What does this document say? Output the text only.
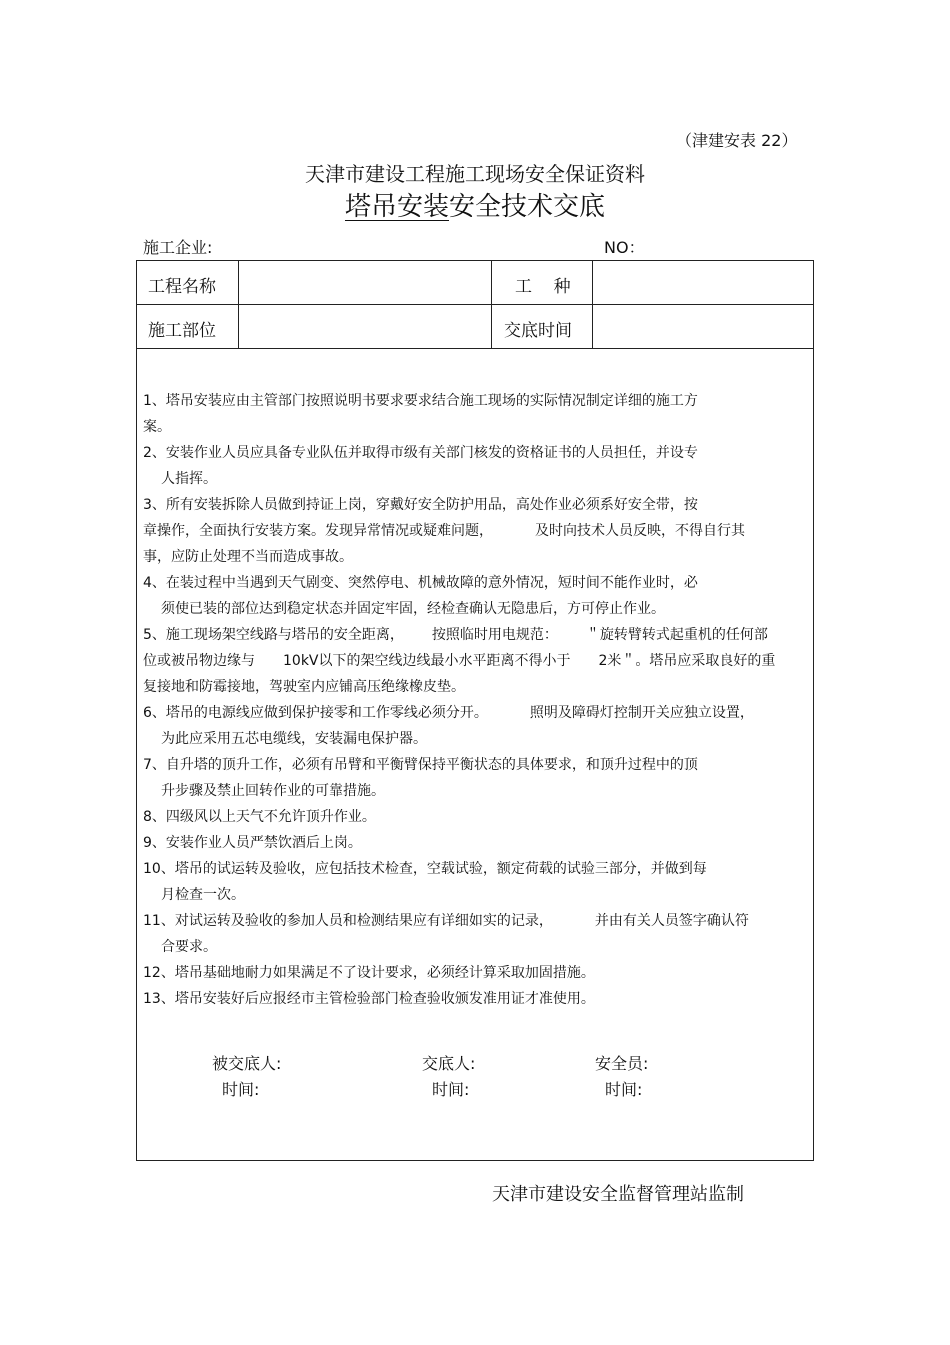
（津建安表 22）
天津市建设工程施工现场安全保证资料
塔吊安装安全技术交底
施工企业:	NO：
工程名称	工    种
施工部位	交底时间
1、塔吊安装应由主管部门按照说明书要求要求结合施工现场的实际情况制定详细的施工方
案。
2、安装作业人员应具备专业队伍并取得市级有关部门核发的资格证书的人员担任，并设专
人指挥。
3、所有安装拆除人员做到持证上岗，穿戴好安全防护用品，高处作业必须系好安全带，按
章操作，全面执行安装方案。发现异常情况或疑难问题，	及时向技术人员反映，不得自行其
事，应防止处理不当而造成事故。
4、在装过程中当遇到天气剧变、突然停电、机械故障的意外情况，短时间不能作业时，必
须使已装的部位达到稳定状态并固定牢固，经检查确认无隐患后，方可停止作业。
5、施工现场架空线路与塔吊的安全距离， 按照临时用电规范： ＂旋转臂转式起重机的任何部
位或被吊物边缘与 10kV以下的架空线边线最小水平距离不得小于 2米＂。塔吊应采取良好的重
复接地和防霉接地，驾驶室内应铺高压绝缘橡皮垫。
6、塔吊的电源线应做到保护接零和工作零线必须分开。	照明及障碍灯控制开关应独立设置，
为此应采用五芯电缆线，安装漏电保护器。
7、自升塔的顶升工作，必须有吊臂和平衡臂保持平衡状态的具体要求，和顶升过程中的顶
升步骤及禁止回转作业的可靠措施。
8、四级风以上天气不允许顶升作业。
9、安装作业人员严禁饮酒后上岗。
10、塔吊的试运转及验收，应包括技术检查，空载试验，额定荷载的试验三部分，并做到每
月检查一次。
11、对试运转及验收的参加人员和检测结果应有详细如实的记录，	并由有关人员签字确认符
合要求。
12、塔吊基础地耐力如果满足不了设计要求，必须经计算采取加固措施。
13、塔吊安装好后应报经市主管检验部门检查验收颁发准用证才准使用。
被交底人:
时间:
交底人:
时间:
安全员:
时间:
天津市建设安全监督管理站监制
